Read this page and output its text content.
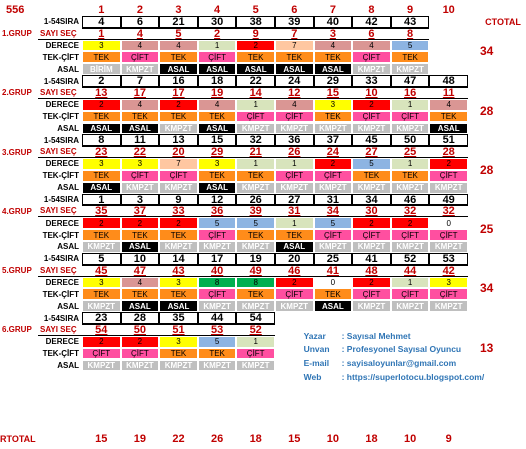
556	1	2	3	4	5	6	7	8	9	10
CTOTAL
1-54SIRA	4	6	21	30	38	39	40	42	43
1.GRUP	SAYI SEÇ	1	4	5	2	9	7	3	6	8
34
DERECE	3	4	4	1	2	7	4	4	5
TEK-ÇİFT	TEK	ÇİFT	TEK	ÇİFT	TEK	TEK	TEK	ÇİFT	TEK
ASAL	BİRİM	KMPZT	ASAL	ASAL	ASAL	ASAL	ASAL	KMPZT	KMPZT
1-54SIRA	2	7	16	18	22	24	29	33	47	48
2.GRUP	SAYI SEÇ	13	17	17	19	14	12	15	10	16	11
28
DERECE	2	4	2	4	1	4	3	2	1	4
TEK-ÇİFT	TEK	TEK	TEK	TEK	ÇİFT	ÇİFT	TEK	ÇİFT	ÇİFT	TEK
ASAL	ASAL	ASAL	KMPZT	ASAL	KMPZT	KMPZT	KMPZT	KMPZT	KMPZT	ASAL
1-54SIRA	8	11	13	15	32	36	37	45	50	51
3.GRUP	SAYI SEÇ	23	22	20	29	21	26	24	27	25	28
28
DERECE	3	3	7	3	1	1	2	5	1	2
TEK-ÇİFT	TEK	ÇİFT	ÇİFT	TEK	TEK	ÇİFT	ÇİFT	TEK	TEK	ÇİFT
ASAL	ASAL	KMPZT	KMPZT	ASAL	KMPZT	KMPZT	KMPZT	KMPZT	KMPZT	KMPZT
1-54SIRA	1	3	9	12	26	27	31	34	46	49
4.GRUP	SAYI SEÇ	35	37	33	36	39	31	34	30	32	32
25
DERECE	2	2	2	5	5	1	5	2	2	0
TEK-ÇİFT	TEK	TEK	TEK	ÇİFT	TEK	TEK	ÇİFT	ÇİFT	ÇİFT	ÇİFT
ASAL	KMPZT	ASAL	KMPZT	KMPZT	KMPZT	ASAL	KMPZT	KMPZT	KMPZT	KMPZT
1-54SIRA	5	10	14	17	19	20	25	41	52	53
5.GRUP	SAYI SEÇ	45	47	43	40	49	46	41	48	44	42
34
DERECE	3	4	3	8	8	2	0	2	1	3
TEK-ÇİFT	TEK	TEK	TEK	ÇİFT	TEK	ÇİFT	TEK	ÇİFT	ÇİFT	ÇİFT
ASAL	KMPZT	ASAL	ASAL	KMPZT	KMPZT	KMPZT	ASAL	KMPZT	KMPZT	KMPZT
1-54SIRA	23	28	35	44	54
6.GRUP	SAYI SEÇ	54	50	51	53	52
13
DERECE	2	2	3	5	1
TEK-ÇİFT	ÇİFT	ÇİFT	TEK	TEK	ÇİFT
ASAL	KMPZT	KMPZT	KMPZT	KMPZT	KMPZT
Yazar	: Sayısal Mehmet
Unvan	: Profesyonel Sayısal Oyuncu
E-mail	: sayisaloyunlar@gmail.com
Web	: https://superlotocu.blogspot.com/
RTOTAL	15	19	22	26	18	15	10	18	10	9
